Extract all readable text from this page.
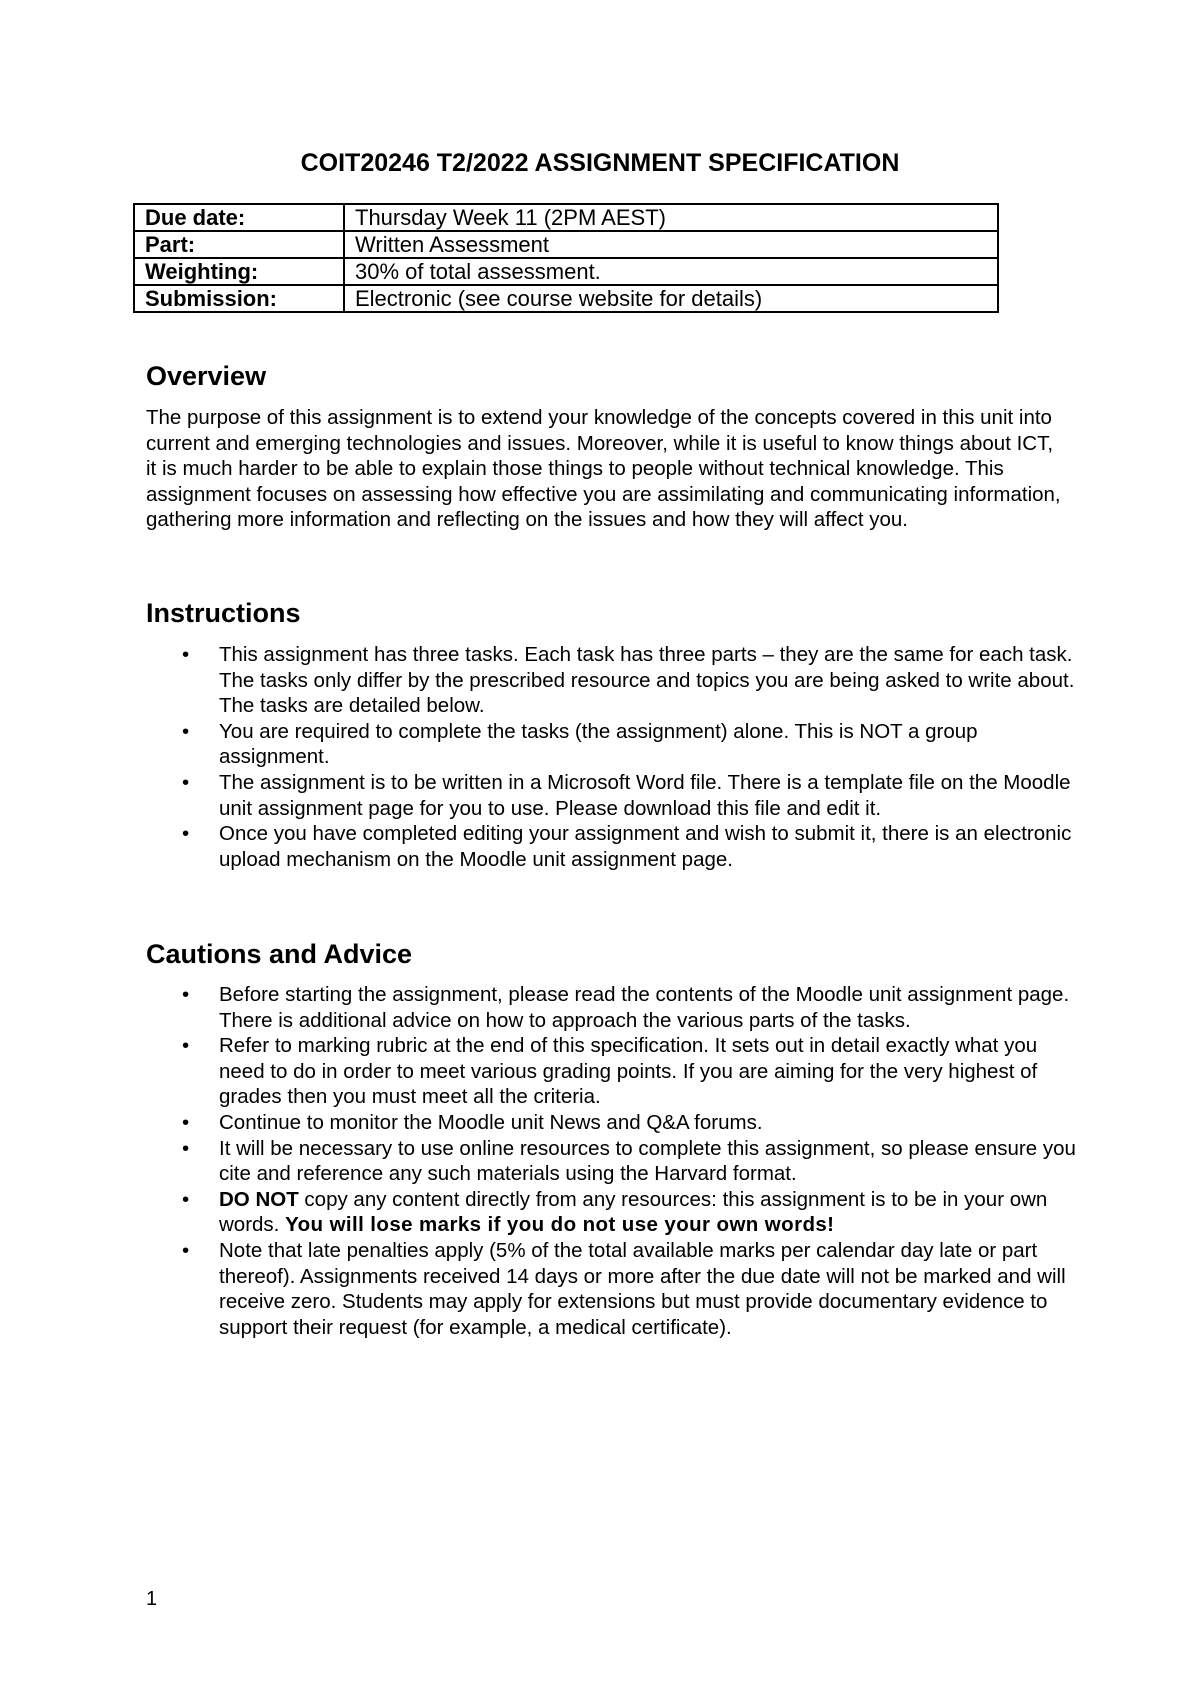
COIT20246 T2/2022 ASSIGNMENT SPECIFICATION
Due date:	Thursday Week 11 (2PM AEST)
Part:	Written Assessment
Weighting:	30% of total assessment.
Submission:	Electronic (see course website for details)
Overview

The purpose of this assignment is to extend your knowledge of the concepts covered in this unit into current and emerging technologies and issues. Moreover, while it is useful to know things about ICT, it is much harder to be able to explain those things to people without technical knowledge. This assignment focuses on assessing how effective you are assimilating and communicating information, gathering more information and reflecting on the issues and how they will affect you.

Instructions
• This assignment has three tasks. Each task has three parts – they are the same for each task. The tasks only differ by the prescribed resource and topics you are being asked to write about. The tasks are detailed below.
• You are required to complete the tasks (the assignment) alone. This is NOT a group assignment.
• The assignment is to be written in a Microsoft Word file. There is a template file on the Moodle unit assignment page for you to use. Please download this file and edit it.
• Once you have completed editing your assignment and wish to submit it, there is an electronic upload mechanism on the Moodle unit assignment page.
Cautions and Advice
• Before starting the assignment, please read the contents of the Moodle unit assignment page. There is additional advice on how to approach the various parts of the tasks.
• Refer to marking rubric at the end of this specification. It sets out in detail exactly what you need to do in order to meet various grading points. If you are aiming for the very highest of grades then you must meet all the criteria.
• Continue to monitor the Moodle unit News and Q&A forums.
• It will be necessary to use online resources to complete this assignment, so please ensure you cite and reference any such materials using the Harvard format.
• DO NOT copy any content directly from any resources: this assignment is to be in your own words. You will lose marks if you do not use your own words!
• Note that late penalties apply (5% of the total available marks per calendar day late or part thereof). Assignments received 14 days or more after the due date will not be marked and will receive zero. Students may apply for extensions but must provide documentary evidence to support their request (for example, a medical certificate).
1
